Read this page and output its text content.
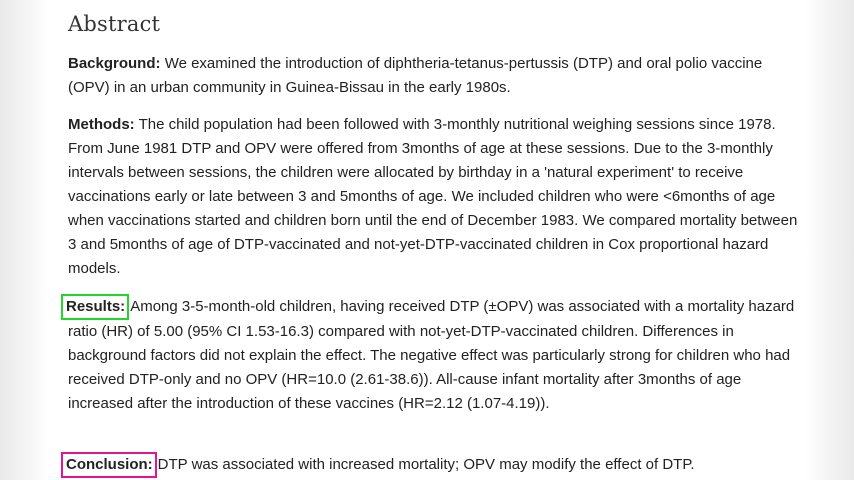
Abstract

Background: We examined the introduction of diphtheria-tetanus-pertussis (DTP) and oral polio vaccine (OPV) in an urban community in Guinea-Bissau in the early 1980s.

Methods: The child population had been followed with 3-monthly nutritional weighing sessions since 1978. From June 1981 DTP and OPV were offered from 3months of age at these sessions. Due to the 3-monthly intervals between sessions, the children were allocated by birthday in a 'natural experiment' to receive vaccinations early or late between 3 and 5months of age. We included children who were <6months of age when vaccinations started and children born until the end of December 1983. We compared mortality between 3 and 5months of age of DTP-vaccinated and not-yet-DTP-vaccinated children in Cox proportional hazard models.

Results: Among 3-5-month-old children, having received DTP (±OPV) was associated with a mortality hazard ratio (HR) of 5.00 (95% CI 1.53-16.3) compared with not-yet-DTP-vaccinated children. Differences in background factors did not explain the effect. The negative effect was particularly strong for children who had received DTP-only and no OPV (HR=10.0 (2.61-38.6)). All-cause infant mortality after 3months of age increased after the introduction of these vaccines (HR=2.12 (1.07-4.19)).

Conclusion: DTP was associated with increased mortality; OPV may modify the effect of DTP.
